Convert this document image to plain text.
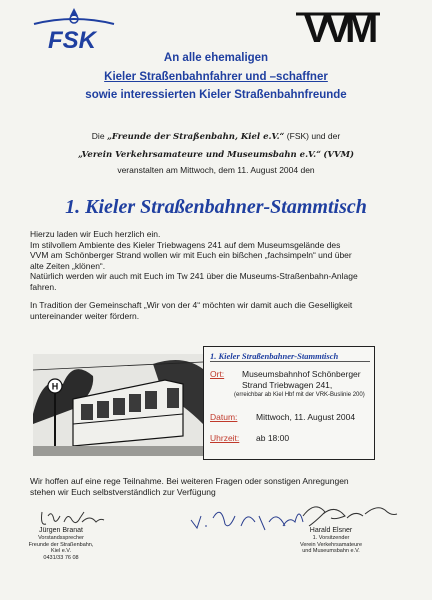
FSK	VVM
An alle ehemaligen
Kieler Straßenbahnfahrer und –schaffner
sowie interessierten Kieler Straßenbahnfreunde
Die „Freunde der Straßenbahn, Kiel e.V.“ (FSK) und der
„Verein Verkehrsamateure und Museumsbahn e.V.“ (VVM)
veranstalten am Mittwoch, dem 11. August 2004 den
1. Kieler Straßenbahner-Stammtisch
Hierzu laden wir Euch herzlich ein.
Im stilvollem Ambiente des Kieler Triebwagens 241 auf dem Museumsgelände des
VVM am Schönberger Strand wollen wir mit Euch ein bißchen „fachsimpeln“ und über
alte Zeiten „klönen“.
Natürlich werden wir auch mit Euch im Tw 241 über die Museums-Straßenbahn-Anlage
fahren.
In Tradition der Gemeinschaft „Wir von der 4“ möchten wir damit auch die Geselligkeit
untereinander weiter fördern.
H
1. Kieler Straßenbahner-Stammtisch
Ort: Museumsbahnhof Schönberger
Strand Triebwagen 241,
(erreichbar ab Kiel Hbf mit der VRK-Buslinie 200)
Datum: Mittwoch, 11. August 2004
Uhrzeit: ab 18:00
Wir hoffen auf eine rege Teilnahme. Bei weiteren Fragen oder sonstigen Anregungen
stehen wir Euch selbstverständlich zur Verfügung
Jürgen Branat
Vorstandssprecher
Freunde der Straßenbahn,
Kiel e.V.
0431/33 76 08
Harald Elsner
1. Vorsitzender
Verein Verkehrsamateure
und Museumsbahn e.V.
